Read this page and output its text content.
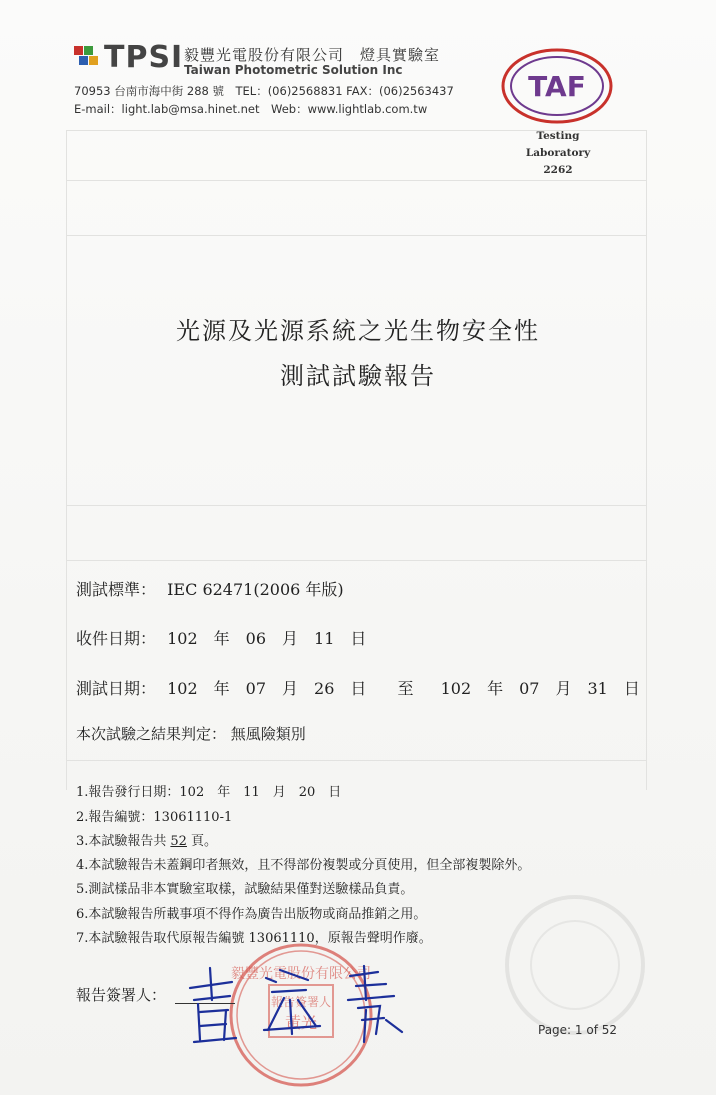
TPSI 毅豐光電股份有限公司　燈具實驗室
Taiwan Photometric Solution Inc
70953 台南市海中街 288 號　TEL：(06)2568831 FAX：(06)2563437
E-mail：light.lab@msa.hinet.net　Web：www.lightlab.com.tw
TAF
Testing Laboratory
2262
光源及光源系統之光生物安全性
測試試驗報告
測試標準： IEC 62471(2006 年版)
收件日期： 102　年　06　月　11　日
測試日期： 102　年　07　月　26　日 至 102　年　07　月　31　日
本次試驗之結果判定： 無風險類別
1.報告發行日期：102　年　11　月　20　日
2.報告編號：13061110-1
3.本試驗報告共 52 頁。
4.本試驗報告未蓋鋼印者無效，且不得部份複製或分頁使用，但全部複製除外。
5.測試樣品非本實驗室取樣，試驗結果僅對送驗樣品負責。
6.本試驗報告所載事項不得作為廣告出版物或商品推銷之用。
7.本試驗報告取代原報告編號 13061110，原報告聲明作廢。
毅豐光電股份有限公司
報告簽署人
黃光
報告簽署人：
Page: 1 of 52
